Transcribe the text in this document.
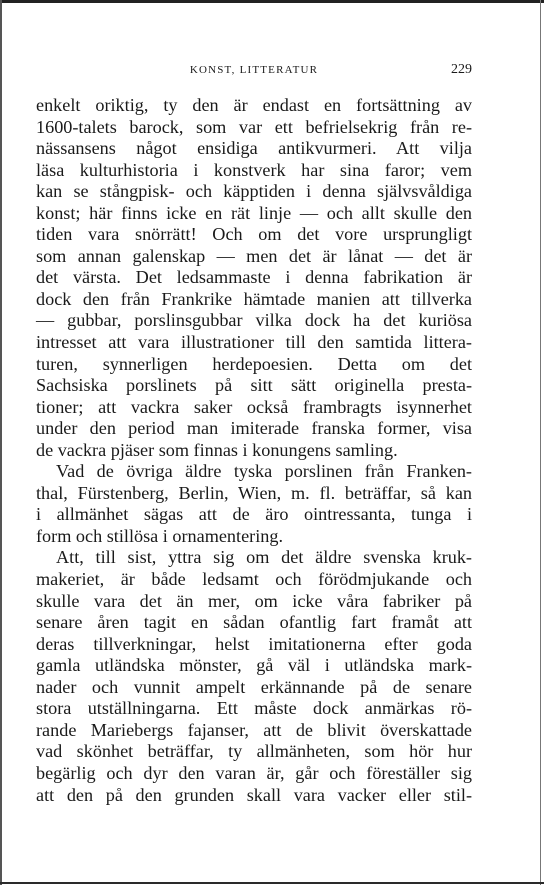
KONST, LITTERATUR	229
enkelt oriktig, ty den är endast en fortsättning av
1600-talets barock, som var ett befrielsekrig från re-
nässansens något ensidiga antikvurmeri. Att vilja
läsa kulturhistoria i konstverk har sina faror; vem
kan se stångpisk- och käpptiden i denna självsvåldiga
konst; här finns icke en rät linje — och allt skulle den
tiden vara snörrätt! Och om det vore ursprungligt
som annan galenskap — men det är lånat — det är
det värsta. Det ledsammaste i denna fabrikation är
dock den från Frankrike hämtade manien att tillverka
— gubbar, porslinsgubbar vilka dock ha det kuriösa
intresset att vara illustrationer till den samtida littera-
turen, synnerligen herdepoesien. Detta om det
Sachsiska porslinets på sitt sätt originella presta-
tioner; att vackra saker också frambragts isynnerhet
under den period man imiterade franska former, visa
de vackra pjäser som finnas i konungens samling.
Vad de övriga äldre tyska porslinen från Franken-
thal, Fürstenberg, Berlin, Wien, m. fl. beträffar, så kan
i allmänhet sägas att de äro ointressanta, tunga i
form och stillösa i ornamentering.
Att, till sist, yttra sig om det äldre svenska kruk-
makeriet, är både ledsamt och förödmjukande och
skulle vara det än mer, om icke våra fabriker på
senare åren tagit en sådan ofantlig fart framåt att
deras tillverkningar, helst imitationerna efter goda
gamla utländska mönster, gå väl i utländska mark-
nader och vunnit ampelt erkännande på de senare
stora utställningarna. Ett måste dock anmärkas rö-
rande Mariebergs fajanser, att de blivit överskattade
vad skönhet beträffar, ty allmänheten, som hör hur
begärlig och dyr den varan är, går och föreställer sig
att den på den grunden skall vara vacker eller stil-
